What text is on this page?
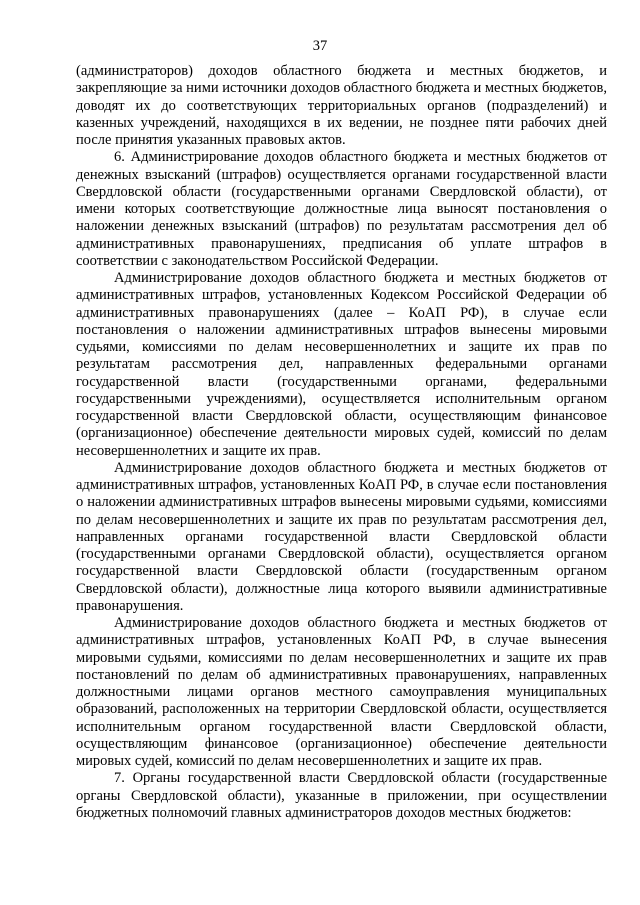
37

(администраторов) доходов областного бюджета и местных бюджетов, и закрепляющие за ними источники доходов областного бюджета и местных бюджетов, доводят их до соответствующих территориальных органов (подразделений) и казенных учреждений, находящихся в их ведении, не позднее пяти рабочих дней после принятия указанных правовых актов.

6. Администрирование доходов областного бюджета и местных бюджетов от денежных взысканий (штрафов) осуществляется органами государственной власти Свердловской области (государственными органами Свердловской области), от имени которых соответствующие должностные лица выносят постановления о наложении денежных взысканий (штрафов) по результатам рассмотрения дел об административных правонарушениях, предписания об уплате штрафов в соответствии с законодательством Российской Федерации.

Администрирование доходов областного бюджета и местных бюджетов от административных штрафов, установленных Кодексом Российской Федерации об административных правонарушениях (далее – КоАП РФ), в случае если постановления о наложении административных штрафов вынесены мировыми судьями, комиссиями по делам несовершеннолетних и защите их прав по результатам рассмотрения дел, направленных федеральными органами государственной власти (государственными органами, федеральными государственными учреждениями), осуществляется исполнительным органом государственной власти Свердловской области, осуществляющим финансовое (организационное) обеспечение деятельности мировых судей, комиссий по делам несовершеннолетних и защите их прав.

Администрирование доходов областного бюджета и местных бюджетов от административных штрафов, установленных КоАП РФ, в случае если постановления о наложении административных штрафов вынесены мировыми судьями, комиссиями по делам несовершеннолетних и защите их прав по результатам рассмотрения дел, направленных органами государственной власти Свердловской области (государственными органами Свердловской области), осуществляется органом государственной власти Свердловской области (государственным органом Свердловской области), должностные лица которого выявили административные правонарушения.

Администрирование доходов областного бюджета и местных бюджетов от административных штрафов, установленных КоАП РФ, в случае вынесения мировыми судьями, комиссиями по делам несовершеннолетних и защите их прав постановлений по делам об административных правонарушениях, направленных должностными лицами органов местного самоуправления муниципальных образований, расположенных на территории Свердловской области, осуществляется исполнительным органом государственной власти Свердловской области, осуществляющим финансовое (организационное) обеспечение деятельности мировых судей, комиссий по делам несовершеннолетних и защите их прав.

7. Органы государственной власти Свердловской области (государственные органы Свердловской области), указанные в приложении, при осуществлении бюджетных полномочий главных администраторов доходов местных бюджетов:
